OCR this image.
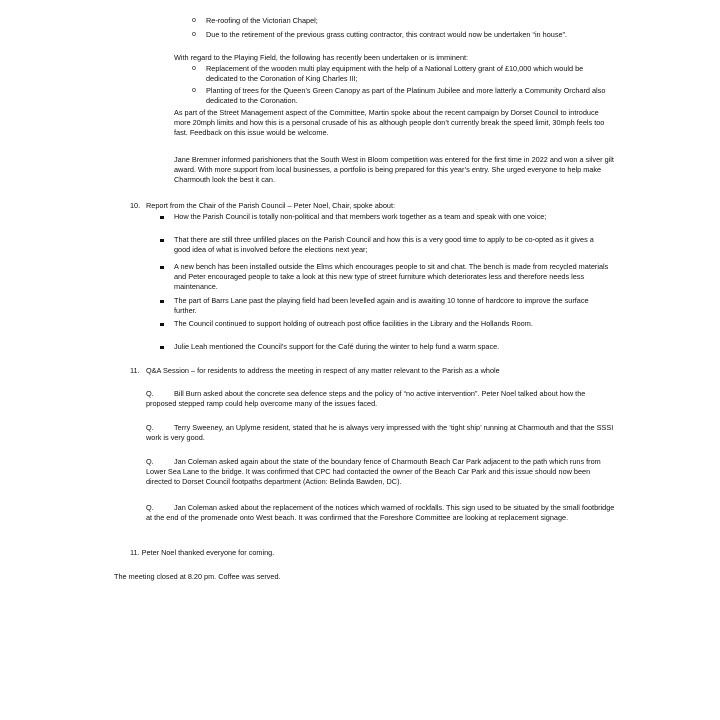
o Re-roofing of the Victorian Chapel;
o Due to the retirement of the previous grass cutting contractor, this contract would now be undertaken “in house”.

With regard to the Playing Field, the following has recently been undertaken or is imminent:

o Replacement of the wooden multi play equipment with the help of a National Lottery grant of £10,000 which would be dedicated to the Coronation of King Charles III;
o Planting of trees for the Queen’s Green Canopy as part of the Platinum Jubilee and more latterly a Community Orchard also dedicated to the Coronation.

As part of the Street Management aspect of the Committee, Martin spoke about the recent campaign by Dorset Council to introduce more 20mph limits and how this is a personal crusade of his as although people don’t currently break the speed limit, 30mph feels too fast. Feedback on this issue would be welcome.

Jane Bremner informed parishioners that the South West in Bloom competition was entered for the first time in 2022 and won a silver gilt award. With more support from local businesses, a portfolio is being prepared for this year’s entry. She urged everyone to help make Charmouth look the best it can.

10. Report from the Chair of the Parish Council – Peter Noel, Chair, spoke about:

How the Parish Council is totally non-political and that members work together as a team and speak with one voice;
That there are still three unfilled places on the Parish Council and how this is a very good time to apply to be co-opted as it gives a good idea of what is involved before the elections next year;
A new bench has been installed outside the Elms which encourages people to sit and chat. The bench is made from recycled materials and Peter encouraged people to take a look at this new type of street furniture which deteriorates less and therefore needs less maintenance.
The part of Barrs Lane past the playing field had been levelled again and is awaiting 10 tonne of hardcore to improve the surface further.
The Council continued to support holding of outreach post office facilities in the Library and the Hollands Room.
Julie Leah mentioned the Council’s support for the Café during the winter to help fund a warm space.
11. Q&A Session – for residents to address the meeting in respect of any matter relevant to the Parish as a whole

Q.	Bill Burn asked about the concrete sea defence steps and the policy of “no active intervention”. Peter Noel talked about how the proposed stepped ramp could help overcome many of the issues faced.
Q.	Terry Sweeney, an Uplyme resident, stated that he is always very impressed with the ‘tight ship’ running at Charmouth and that the SSSI work is very good.
Q.	Jan Coleman asked again about the state of the boundary fence of Charmouth Beach Car Park adjacent to the path which runs from Lower Sea Lane to the bridge. It was confirmed that CPC had contacted the owner of the Beach Car Park and this issue should now been directed to Dorset Council footpaths department (Action: Belinda Bawden, DC).
Q.	Jan Coleman asked about the replacement of the notices which warned of rockfalls. This sign used to be situated by the small footbridge at the end of the promenade onto West beach. It was confirmed that the Foreshore Committee are looking at replacement signage.

11. Peter Noel thanked everyone for coming.

The meeting closed at 8.20 pm. Coffee was served.
